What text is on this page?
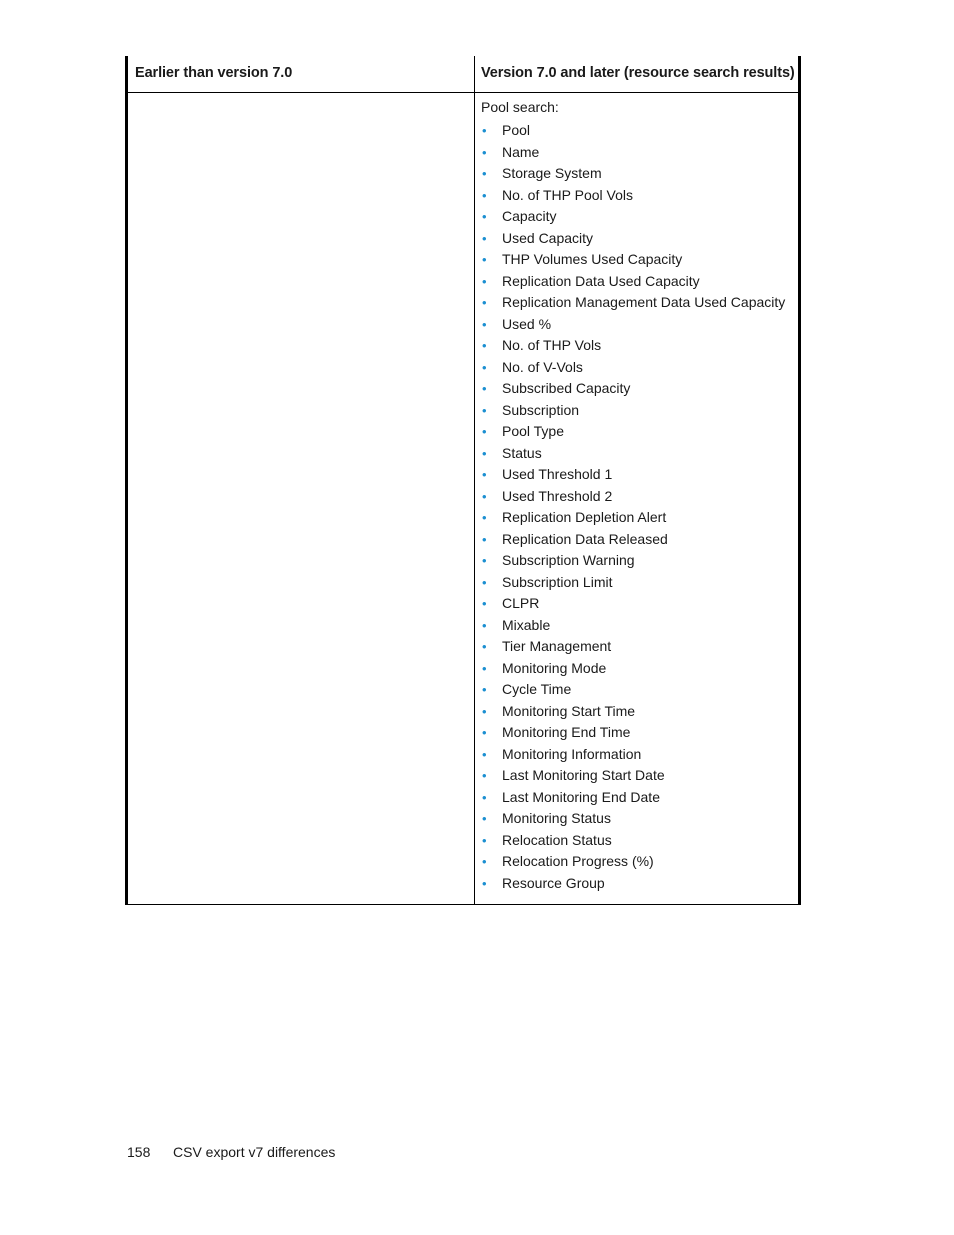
Earlier than version 7.0	Version 7.0 and later (resource search results)

Pool search:

• Pool
• Name
• Storage System
• No. of THP Pool Vols
• Capacity
• Used Capacity
• THP Volumes Used Capacity
• Replication Data Used Capacity
• Replication Management Data Used Capacity
• Used %
• No. of THP Vols
• No. of V-Vols
• Subscribed Capacity
• Subscription
• Pool Type
• Status
• Used Threshold 1
• Used Threshold 2
• Replication Depletion Alert
• Replication Data Released
• Subscription Warning
• Subscription Limit
• CLPR
• Mixable
• Tier Management
• Monitoring Mode
• Cycle Time
• Monitoring Start Time
• Monitoring End Time
• Monitoring Information
• Last Monitoring Start Date
• Last Monitoring End Date
• Monitoring Status
• Relocation Status
• Relocation Progress (%)
• Resource Group
158 CSV export v7 differences
